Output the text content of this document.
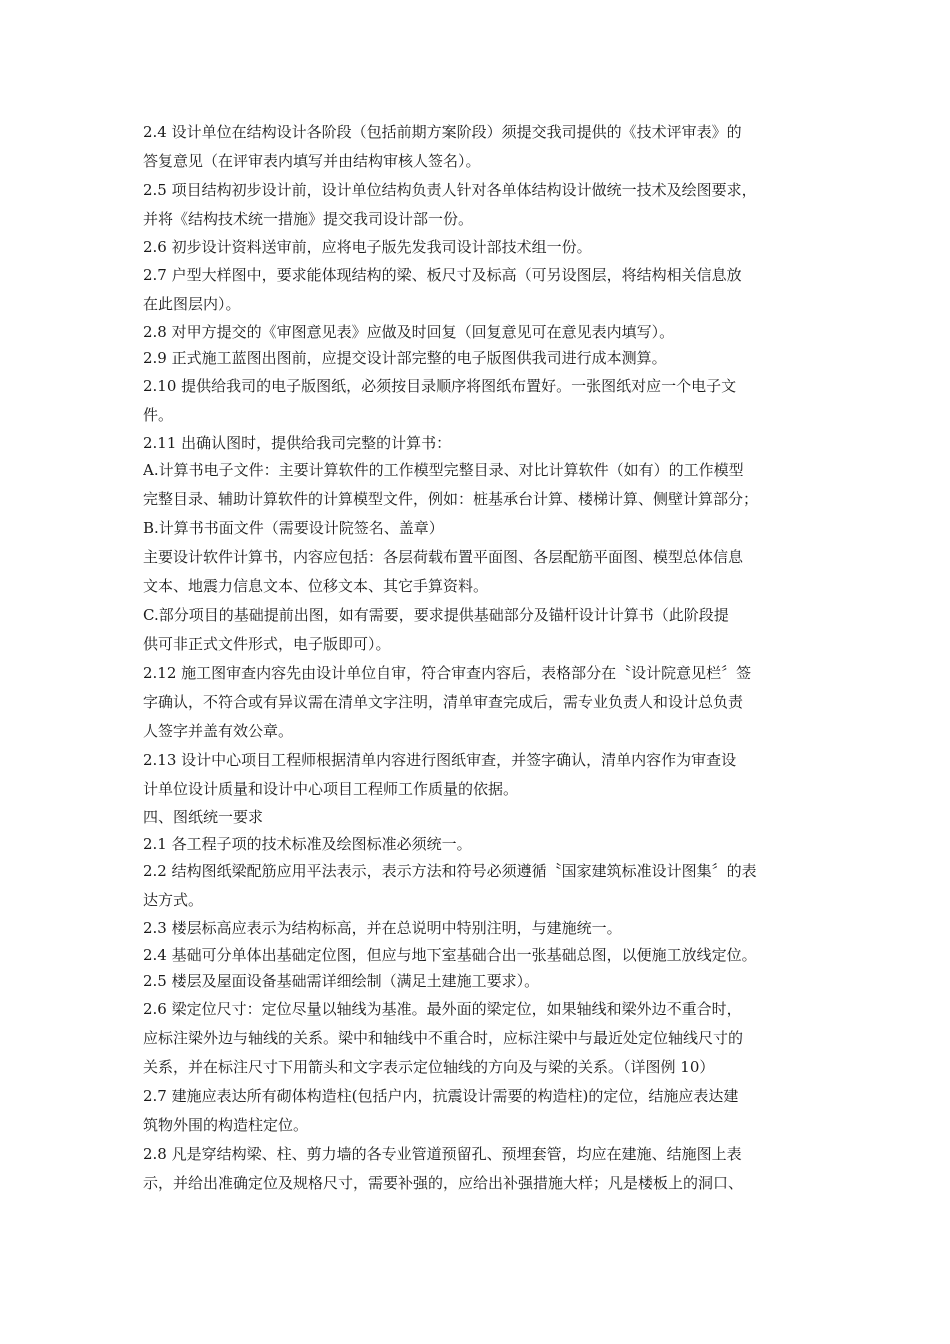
2.4 设计单位在结构设计各阶段（包括前期方案阶段）须提交我司提供的《技术评审表》的
答复意见（在评审表内填写并由结构审核人签名）。
2.5 项目结构初步设计前，设计单位结构负责人针对各单体结构设计做统一技术及绘图要求，
并将《结构技术统一措施》提交我司设计部一份。
2.6 初步设计资料送审前，应将电子版先发我司设计部技术组一份。
2.7 户型大样图中，要求能体现结构的梁、板尺寸及标高（可另设图层，将结构相关信息放
在此图层内）。
2.8 对甲方提交的《审图意见表》应做及时回复（回复意见可在意见表内填写）。
2.9 正式施工蓝图出图前，应提交设计部完整的电子版图供我司进行成本测算。
2.10 提供给我司的电子版图纸，必须按目录顺序将图纸布置好。一张图纸对应一个电子文
件。
2.11 出确认图时，提供给我司完整的计算书：
A.计算书电子文件：主要计算软件的工作模型完整目录、对比计算软件（如有）的工作模型
完整目录、辅助计算软件的计算模型文件，例如：桩基承台计算、楼梯计算、侧壁计算部分；
B.计算书书面文件（需要设计院签名、盖章）
主要设计软件计算书，内容应包括：各层荷载布置平面图、各层配筋平面图、模型总体信息
文本、地震力信息文本、位移文本、其它手算资料。
C.部分项目的基础提前出图，如有需要，要求提供基础部分及锚杆设计计算书（此阶段提
供可非正式文件形式，电子版即可）。
2.12 施工图审查内容先由设计单位自审，符合审查内容后，表格部分在〝设计院意见栏〞签
字确认，不符合或有异议需在清单文字注明，清单审查完成后，需专业负责人和设计总负责
人签字并盖有效公章。
2.13 设计中心项目工程师根据清单内容进行图纸审查，并签字确认，清单内容作为审查设
计单位设计质量和设计中心项目工程师工作质量的依据。
四、图纸统一要求
2.1 各工程子项的技术标准及绘图标准必须统一。
2.2 结构图纸梁配筋应用平法表示，表示方法和符号必须遵循〝国家建筑标准设计图集〞的表
达方式。
2.3 楼层标高应表示为结构标高，并在总说明中特别注明，与建施统一。
2.4 基础可分单体出基础定位图，但应与地下室基础合出一张基础总图，以便施工放线定位。
2.5 楼层及屋面设备基础需详细绘制（满足土建施工要求）。
2.6 梁定位尺寸：定位尽量以轴线为基准。最外面的梁定位，如果轴线和梁外边不重合时，
应标注梁外边与轴线的关系。梁中和轴线中不重合时，应标注梁中与最近处定位轴线尺寸的
关系，并在标注尺寸下用箭头和文字表示定位轴线的方向及与梁的关系。（详图例 10）
2.7 建施应表达所有砌体构造柱(包括户内，抗震设计需要的构造柱)的定位，结施应表达建
筑物外围的构造柱定位。
2.8 凡是穿结构梁、柱、剪力墙的各专业管道预留孔、预埋套管，均应在建施、结施图上表
示，并给出准确定位及规格尺寸，需要补强的，应给出补强措施大样；凡是楼板上的洞口、
